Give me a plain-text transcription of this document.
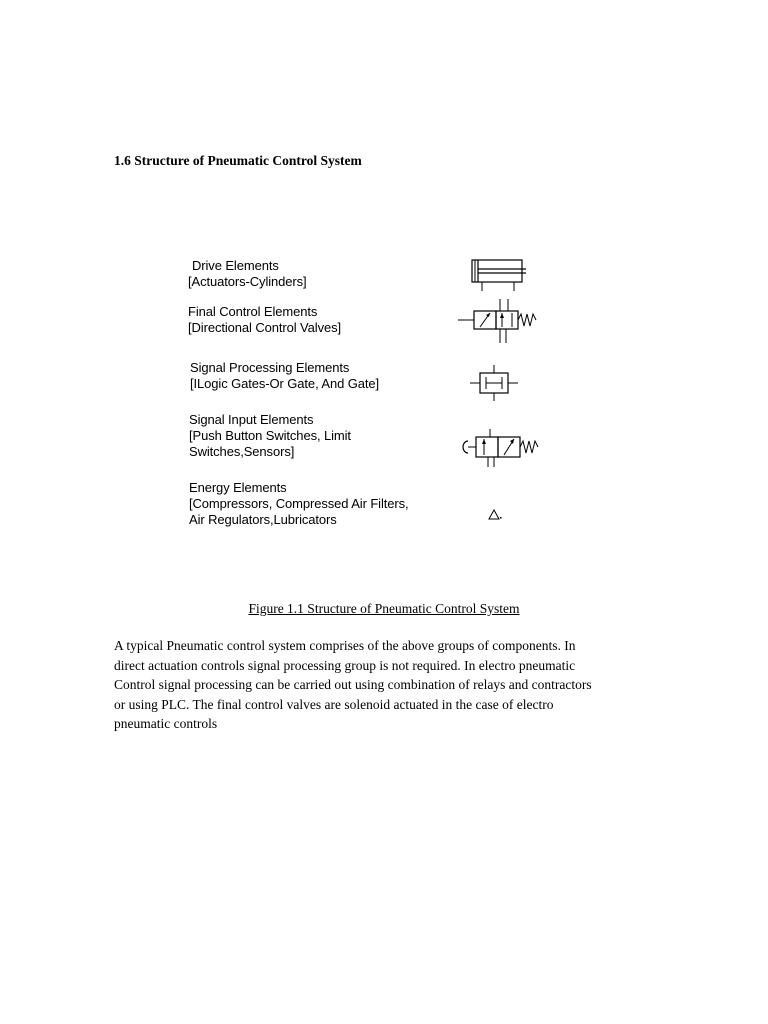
1.6 Structure of Pneumatic Control System
Drive Elements
[Actuators-Cylinders]
Final Control Elements
[Directional Control Valves]
Signal Processing Elements
[ILogic Gates-Or Gate, And Gate]
Signal Input Elements
[Push Button Switches, Limit
Switches,Sensors]
Energy Elements
[Compressors, Compressed Air Filters,
Air Regulators,Lubricators
Figure 1.1 Structure of Pneumatic Control System
A typical Pneumatic control system comprises of the above groups of components. In
direct actuation controls signal processing group is not required. In electro pneumatic
Control signal processing can be carried out using combination of relays and contractors
or using PLC. The final control valves are solenoid actuated in the case of electro
pneumatic controls
